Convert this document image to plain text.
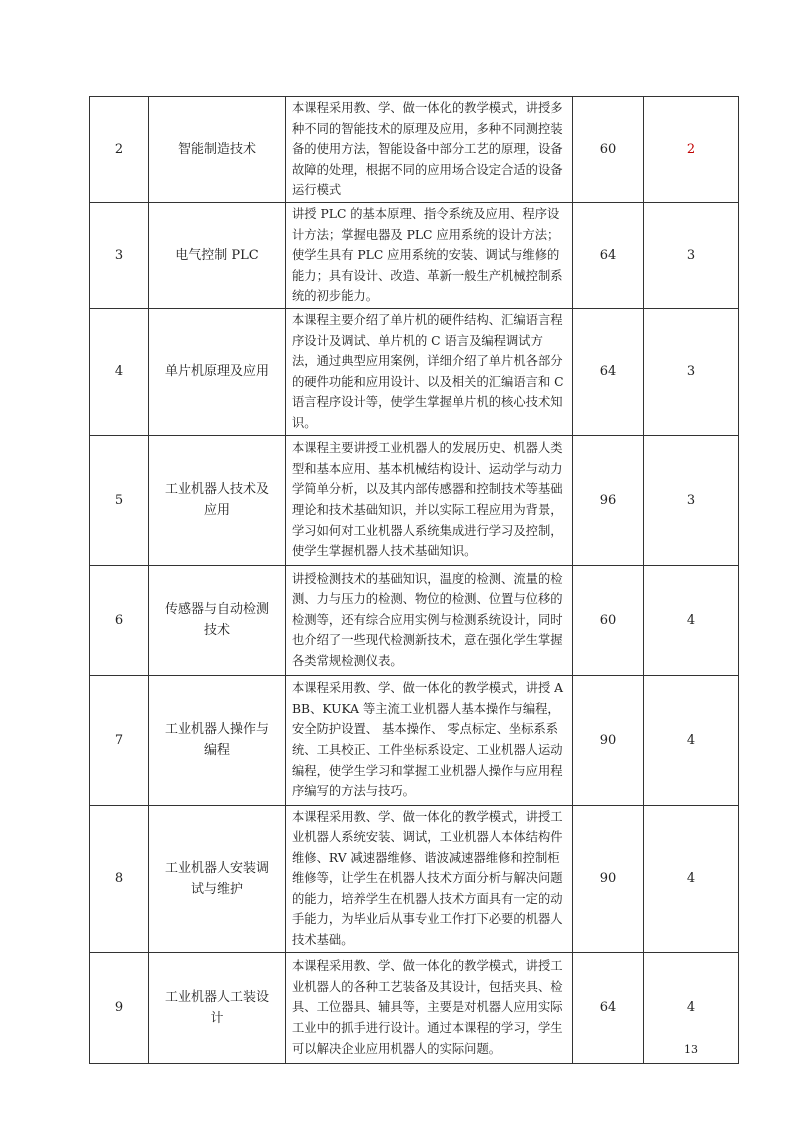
2	智能制造技术	本课程采用教、学、做一体化的教学模式，讲授多种不同的智能技术的原理及应用，多种不同测控装备的使用方法，智能设备中部分工艺的原理，设备故障的处理，根据不同的应用场合设定合适的设备运行模式	60	2
3	电气控制 PLC	讲授 PLC 的基本原理、指令系统及应用、程序设计方法；掌握电器及 PLC 应用系统的设计方法；使学生具有 PLC 应用系统的安装、调试与维修的能力；具有设计、改造、革新一般生产机械控制系统的初步能力。	64	3
4	单片机原理及应用	本课程主要介绍了单片机的硬件结构、汇编语言程序设计及调试、单片机的 C 语言及编程调试方法，通过典型应用案例，详细介绍了单片机各部分的硬件功能和应用设计、以及相关的汇编语言和 C 语言程序设计等，使学生掌握单片机的核心技术知识。	64	3
5	工业机器人技术及应用	本课程主要讲授工业机器人的发展历史、机器人类型和基本应用、基本机械结构设计、运动学与动力学简单分析，以及其内部传感器和控制技术等基础理论和技术基础知识，并以实际工程应用为背景，学习如何对工业机器人系统集成进行学习及控制，使学生掌握机器人技术基础知识。	96	3
6	传感器与自动检测技术	讲授检测技术的基础知识，温度的检测、流量的检测、力与压力的检测、物位的检测、位置与位移的检测等，还有综合应用实例与检测系统设计，同时也介绍了一些现代检测新技术，意在强化学生掌握各类常规检测仪表。	60	4
7	工业机器人操作与编程	本课程采用教、学、做一体化的教学模式，讲授 ABB、KUKA 等主流工业机器人基本操作与编程， 安全防护设置、 基本操作、 零点标定、坐标系系统、工具校正、工件坐标系设定、工业机器人运动编程，使学生学习和掌握工业机器人操作与应用程序编写的方法与技巧。	90	4
8	工业机器人安装调试与维护	本课程采用教、学、做一体化的教学模式，讲授工业机器人系统安装、调试，工业机器人本体结构件维修、RV 减速器维修、谐波减速器维修和控制柜维修等，让学生在机器人技术方面分析与解决问题的能力，培养学生在机器人技术方面具有一定的动手能力，为毕业后从事专业工作打下必要的机器人技术基础。	90	4
9	工业机器人工装设计	本课程采用教、学、做一体化的教学模式，讲授工业机器人的各种工艺装备及其设计，包括夹具、检具、工位器具、辅具等，主要是对机器人应用实际工业中的抓手进行设计。通过本课程的学习，学生可以解决企业应用机器人的实际问题。	64	4
13
